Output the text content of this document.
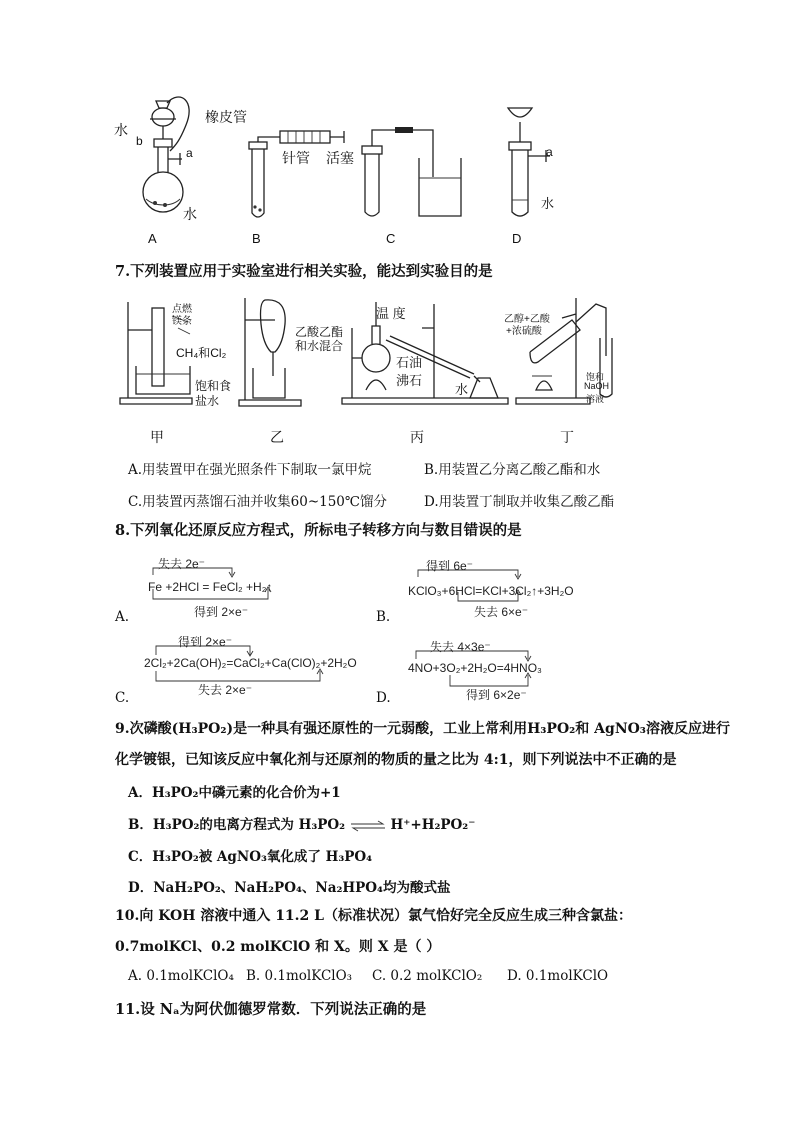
橡皮管
水
b
a
水
A
针管 活塞
B	C
a
水
D
7.下列装置应用于实验室进行相关实验，能达到实验目的是
点燃
镁条
CH₄和Cl₂
饱和食
盐水
甲
乙酸乙酯
和水混合
乙
温 度
石油
沸石
水
丙
乙醇+乙酸
+浓硫酸
饱和
NaOH
溶液
丁
A.用装置甲在强光照条件下制取一氯甲烷	B.用装置乙分离乙酸乙酯和水
C.用装置丙蒸馏石油并收集60~150℃馏分	D.用装置丁制取并收集乙酸乙酯
8.下列氧化还原反应方程式，所标电子转移方向与数目错误的是
失去 2e⁻
Fe +2HCl = FeCl₂ +H₂↑
得到 2×e⁻
A.
得到 6e⁻
KClO₃+6HCl=KCl+3Cl₂↑+3H₂O
失去 6×e⁻
B.
得到 2×e⁻
2Cl₂+2Ca(OH)₂=CaCl₂+Ca(ClO)₂+2H₂O
失去 2×e⁻
C.
失去 4×3e⁻
4NO+3O₂+2H₂O=4HNO₃
得到 6×2e⁻
D.
9.次磷酸(H₃PO₂)是一种具有强还原性的一元弱酸，工业上常利用H₃PO₂和 AgNO₃溶液反应进行
化学镀银，已知该反应中氧化剂与还原剂的物质的量之比为 4:1，则下列说法中不正确的是
A．H₃PO₂中磷元素的化合价为+1
B．H₃PO₂的电离方程式为 H₃PO₂ ⇌ H⁺+H₂PO₂⁻
C．H₃PO₂被 AgNO₃氧化成了 H₃PO₄
D．NaH₂PO₂、NaH₂PO₄、Na₂HPO₄均为酸式盐
10.向 KOH 溶液中通入 11.2 L（标准状况）氯气恰好完全反应生成三种含氯盐：
0.7molKCl、0.2 molKClO 和 X。则 X 是（ ）
A. 0.1molKClO₄ B. 0.1molKClO₃ C. 0.2 molKClO₂ D. 0.1molKClO
11.设 Nₐ为阿伏伽德罗常数．下列说法正确的是
